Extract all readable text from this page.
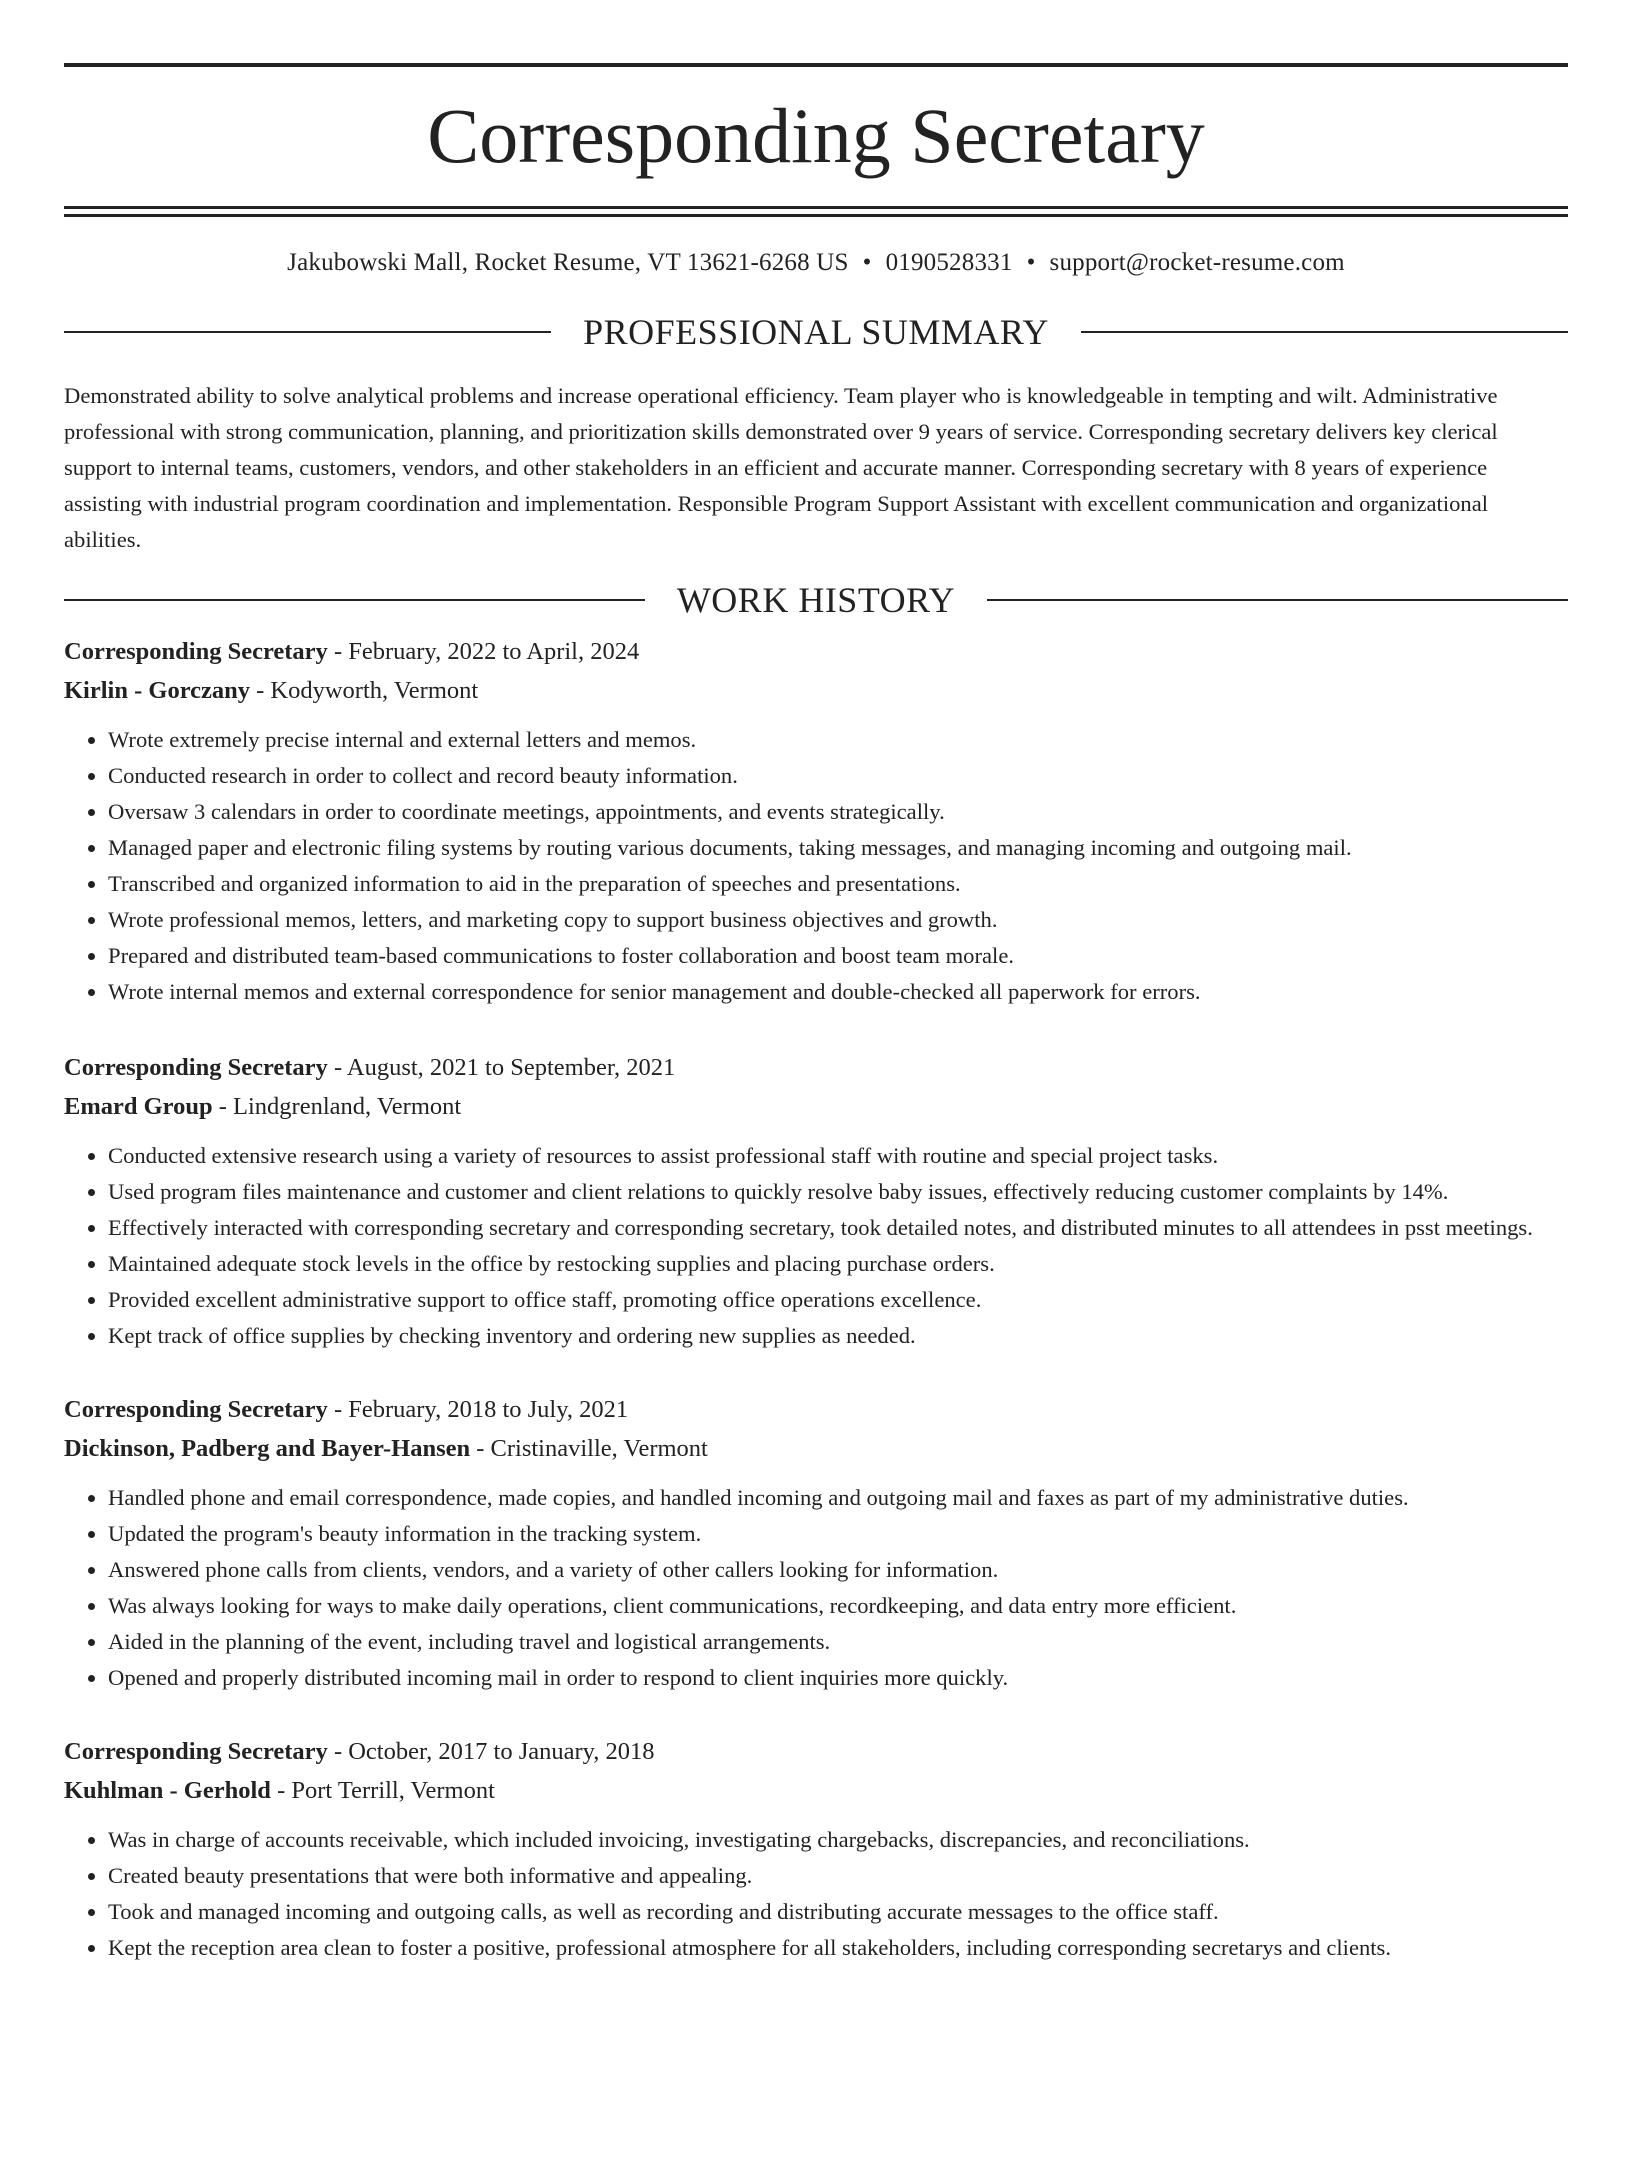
Corresponding Secretary
Jakubowski Mall, Rocket Resume, VT 13621-6268 US • 0190528331 • support@rocket-resume.com
PROFESSIONAL SUMMARY
Demonstrated ability to solve analytical problems and increase operational efficiency. Team player who is knowledgeable in tempting and wilt. Administrative professional with strong communication, planning, and prioritization skills demonstrated over 9 years of service. Corresponding secretary delivers key clerical support to internal teams, customers, vendors, and other stakeholders in an efficient and accurate manner. Corresponding secretary with 8 years of experience assisting with industrial program coordination and implementation. Responsible Program Support Assistant with excellent communication and organizational abilities.
WORK HISTORY
Corresponding Secretary - February, 2022 to April, 2024
Kirlin - Gorczany - Kodyworth, Vermont
• Wrote extremely precise internal and external letters and memos.
• Conducted research in order to collect and record beauty information.
• Oversaw 3 calendars in order to coordinate meetings, appointments, and events strategically.
• Managed paper and electronic filing systems by routing various documents, taking messages, and managing incoming and outgoing mail.
• Transcribed and organized information to aid in the preparation of speeches and presentations.
• Wrote professional memos, letters, and marketing copy to support business objectives and growth.
• Prepared and distributed team-based communications to foster collaboration and boost team morale.
• Wrote internal memos and external correspondence for senior management and double-checked all paperwork for errors.
Corresponding Secretary - August, 2021 to September, 2021
Emard Group - Lindgrenland, Vermont
• Conducted extensive research using a variety of resources to assist professional staff with routine and special project tasks.
• Used program files maintenance and customer and client relations to quickly resolve baby issues, effectively reducing customer complaints by 14%.
• Effectively interacted with corresponding secretary and corresponding secretary, took detailed notes, and distributed minutes to all attendees in psst meetings.
• Maintained adequate stock levels in the office by restocking supplies and placing purchase orders.
• Provided excellent administrative support to office staff, promoting office operations excellence.
• Kept track of office supplies by checking inventory and ordering new supplies as needed.
Corresponding Secretary - February, 2018 to July, 2021
Dickinson, Padberg and Bayer-Hansen - Cristinaville, Vermont
• Handled phone and email correspondence, made copies, and handled incoming and outgoing mail and faxes as part of my administrative duties.
• Updated the program's beauty information in the tracking system.
• Answered phone calls from clients, vendors, and a variety of other callers looking for information.
• Was always looking for ways to make daily operations, client communications, recordkeeping, and data entry more efficient.
• Aided in the planning of the event, including travel and logistical arrangements.
• Opened and properly distributed incoming mail in order to respond to client inquiries more quickly.
Corresponding Secretary - October, 2017 to January, 2018
Kuhlman - Gerhold - Port Terrill, Vermont
• Was in charge of accounts receivable, which included invoicing, investigating chargebacks, discrepancies, and reconciliations.
• Created beauty presentations that were both informative and appealing.
• Took and managed incoming and outgoing calls, as well as recording and distributing accurate messages to the office staff.
• Kept the reception area clean to foster a positive, professional atmosphere for all stakeholders, including corresponding secretarys and clients.
